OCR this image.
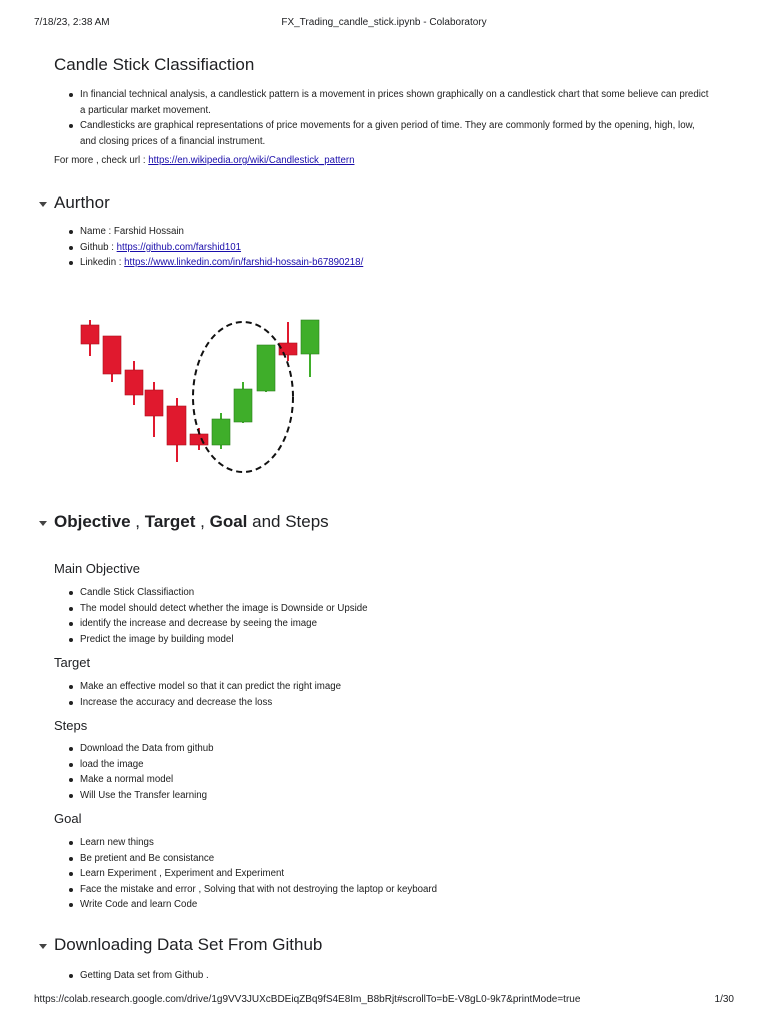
7/18/23, 2:38 AM	FX_Trading_candle_stick.ipynb - Colaboratory
Candle Stick Classifiaction
In financial technical analysis, a candlestick pattern is a movement in prices shown graphically on a candlestick chart that some believe can predict a particular market movement.
Candlesticks are graphical representations of price movements for a given period of time. They are commonly formed by the opening, high, low, and closing prices of a financial instrument.
For more , check url : https://en.wikipedia.org/wiki/Candlestick_pattern
Aurthor
Name : Farshid Hossain
Github : https://github.com/farshid101
Linkedin : https://www.linkedin.com/in/farshid-hossain-b67890218/
Objective , Target , Goal and Steps
Main Objective
Candle Stick Classifiaction
The model should detect whether the image is Downside or Upside
identify the increase and decrease by seeing the image
Predict the image by building model
Target
Make an effective model so that it can predict the right image
Increase the accuracy and decrease the loss
Steps
Download the Data from github
load the image
Make a normal model
Will Use the Transfer learning
Goal
Learn new things
Be pretient and Be consistance
Learn Experiment , Experiment and Experiment
Face the mistake and error , Solving that with not destroying the laptop or keyboard
Write Code and learn Code
Downloading Data Set From Github
Getting Data set from Github .
https://colab.research.google.com/drive/1g9VV3JUXcBDEiqZBq9fS4E8Im_B8bRjt#scrollTo=bE-V8gL0-9k7&printMode=true	1/30
